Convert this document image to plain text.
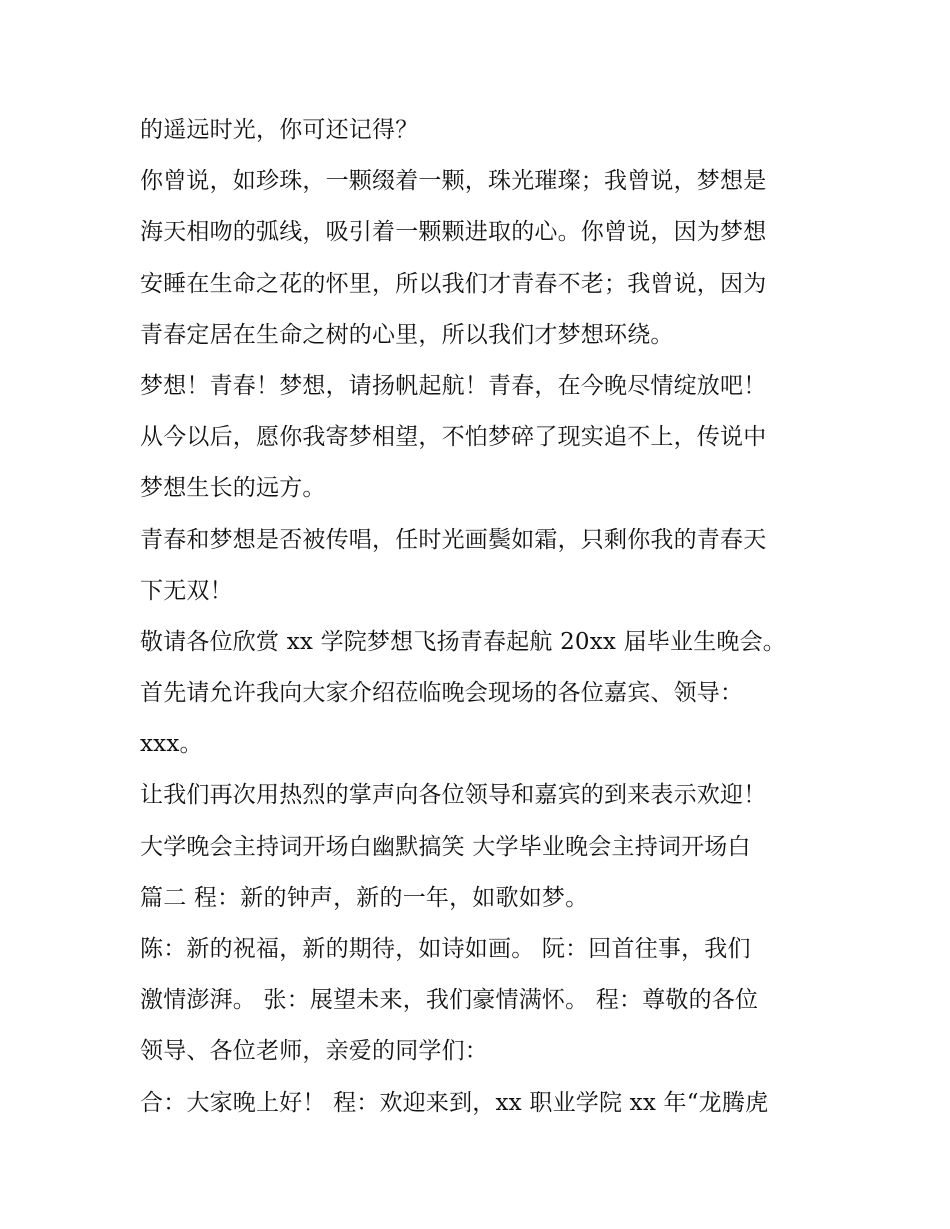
的遥远时光，你可还记得？
你曾说，如珍珠，一颗缀着一颗，珠光璀璨；我曾说，梦想是
海天相吻的弧线，吸引着一颗颗进取的心。你曾说，因为梦想
安睡在生命之花的怀里，所以我们才青春不老；我曾说，因为
青春定居在生命之树的心里，所以我们才梦想环绕。
梦想！青春！梦想，请扬帆起航！青春，在今晚尽情绽放吧！
从今以后，愿你我寄梦相望，不怕梦碎了现实追不上，传说中
梦想生长的远方。
青春和梦想是否被传唱，任时光画鬓如霜，只剩你我的青春天
下无双！
敬请各位欣赏 xx 学院梦想飞扬青春起航 20xx 届毕业生晚会。
首先请允许我向大家介绍莅临晚会现场的各位嘉宾、领导：
xxx。
让我们再次用热烈的掌声向各位领导和嘉宾的到来表示欢迎！
大学晚会主持词开场白幽默搞笑 大学毕业晚会主持词开场白
篇二 程：新的钟声，新的一年，如歌如梦。
陈：新的祝福，新的期待，如诗如画。 阮：回首往事，我们
激情澎湃。 张：展望未来，我们豪情满怀。 程：尊敬的各位
领导、各位老师，亲爱的同学们：
合：大家晚上好！ 程：欢迎来到，xx 职业学院 xx 年“龙腾虎
